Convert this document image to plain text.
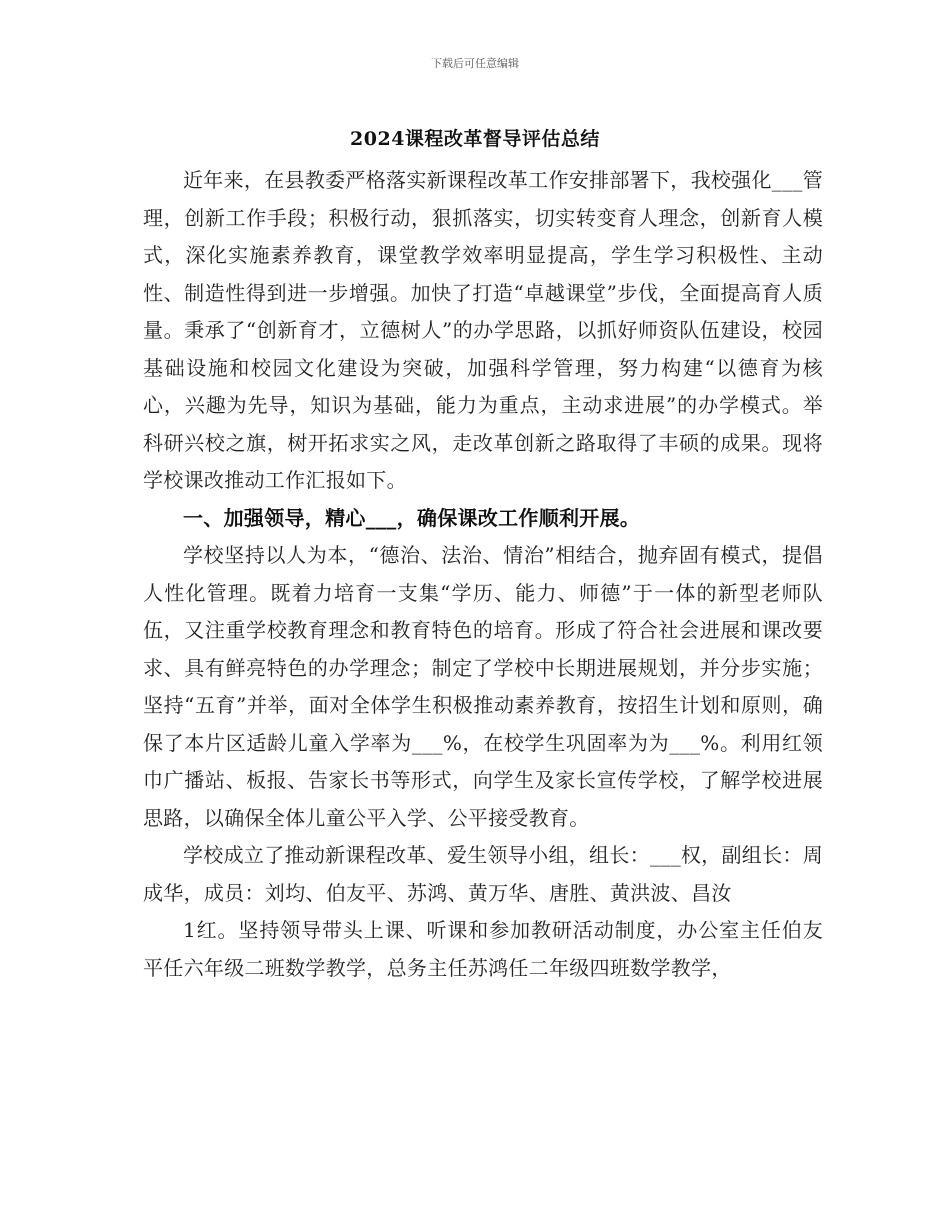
下载后可任意编辑
2024课程改革督导评估总结

近年来，在县教委严格落实新课程改革工作安排部署下，我校强化___管理，创新工作手段；积极行动，狠抓落实，切实转变育人理念，创新育人模式，深化实施素养教育，课堂教学效率明显提高，学生学习积极性、主动性、制造性得到进一步增强。加快了打造“卓越课堂”步伐，全面提高育人质量。秉承了“创新育才，立德树人”的办学思路，以抓好师资队伍建设，校园基础设施和校园文化建设为突破，加强科学管理，努力构建“以德育为核心，兴趣为先导，知识为基础，能力为重点，主动求进展”的办学模式。举科研兴校之旗，树开拓求实之风，走改革创新之路取得了丰硕的成果。现将学校课改推动工作汇报如下。

一、加强领导，精心___，确保课改工作顺利开展。

学校坚持以人为本，“德治、法治、情治”相结合，抛弃固有模式，提倡人性化管理。既着力培育一支集“学历、能力、师德”于一体的新型老师队伍，又注重学校教育理念和教育特色的培育。形成了符合社会进展和课改要求、具有鲜亮特色的办学理念；制定了学校中长期进展规划，并分步实施；坚持“五育”并举，面对全体学生积极推动素养教育，按招生计划和原则，确保了本片区适龄儿童入学率为___%，在校学生巩固率为为___%。利用红领巾广播站、板报、告家长书等形式，向学生及家长宣传学校，了解学校进展思路，以确保全体儿童公平入学、公平接受教育。

学校成立了推动新课程改革、爱生领导小组，组长：___权，副组长：周成华，成员：刘均、伯友平、苏鸿、黄万华、唐胜、黄洪波、昌汝

1红。坚持领导带头上课、听课和参加教研活动制度，办公室主任伯友平任六年级二班数学教学，总务主任苏鸿任二年级四班数学教学，
